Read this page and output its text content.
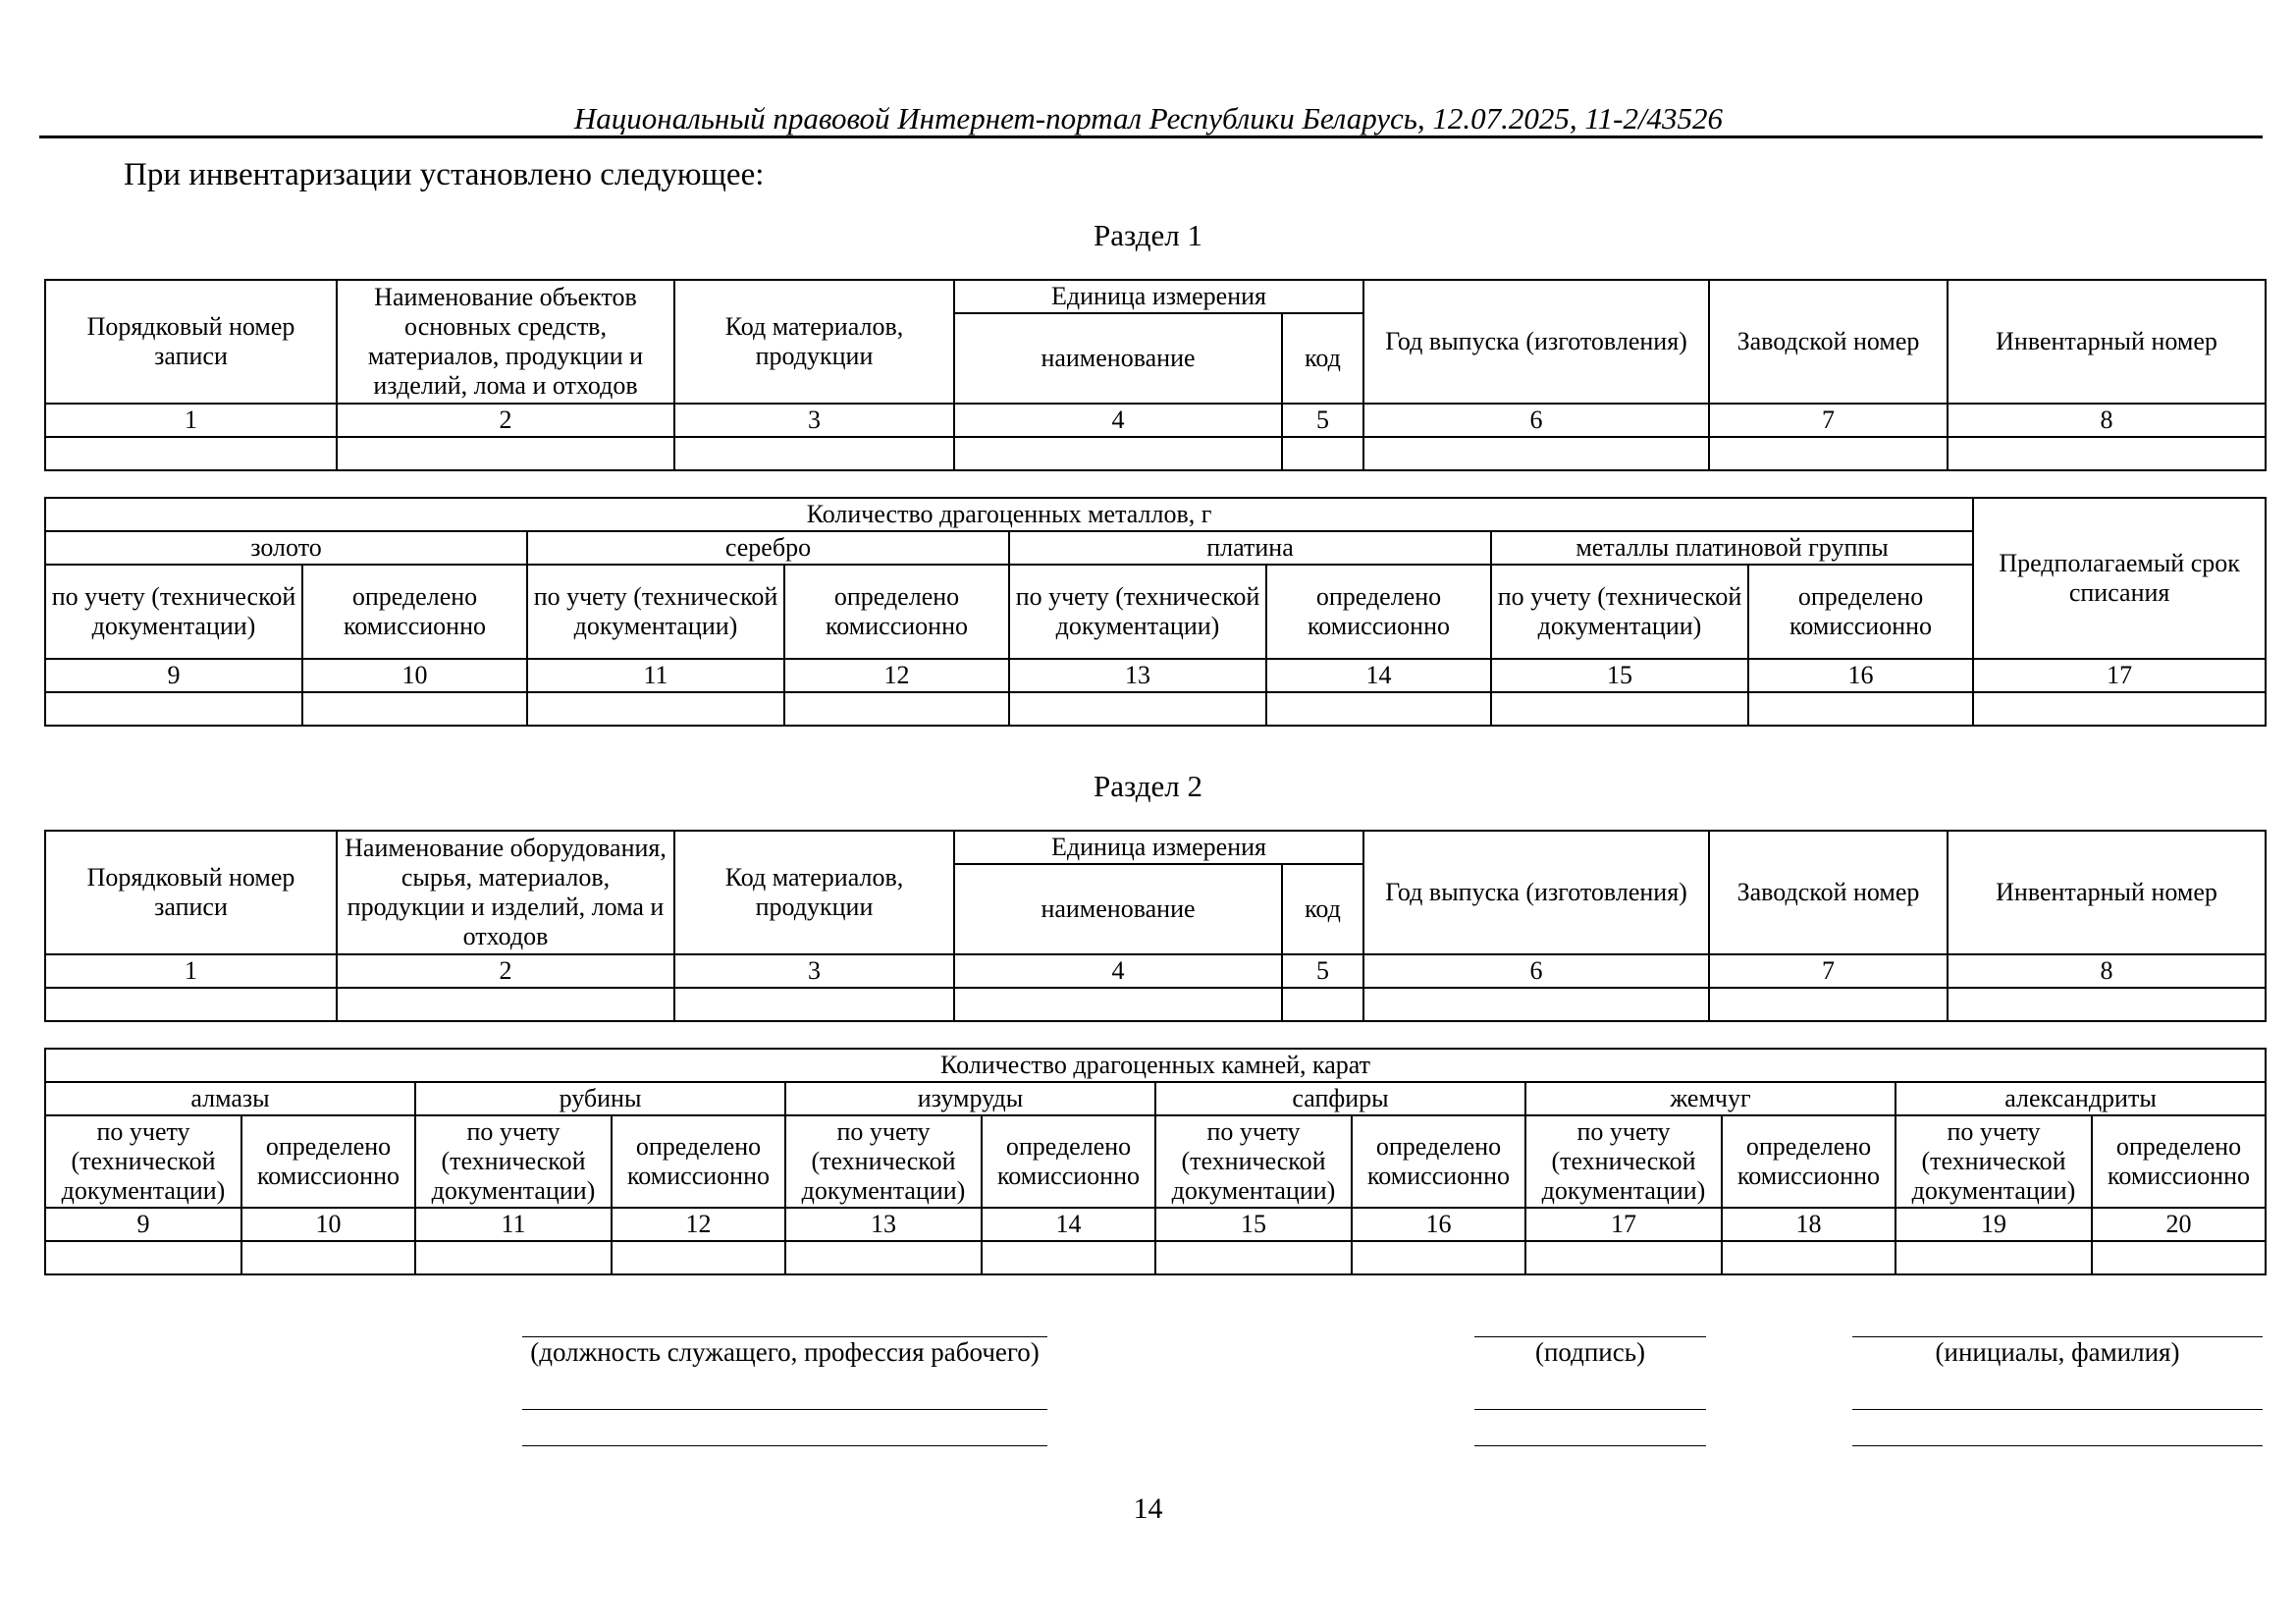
Национальный правовой Интернет-портал Республики Беларусь, 12.07.2025, 11-2/43526
При инвентаризации установлено следующее:
Раздел 1
Порядковый номер записи	Наименование объектов основных средств, материалов, продукции и изделий, лома и отходов	Код материалов, продукции	Единица измерения		Год выпуска (изготовления)	Заводской номер	Инвентарный номер
			наименование	код			
1	2	3	4	5	6	7	8

Количество драгоценных металлов, г								Предполагаемый срок списания
золото		серебро		платина		металлы платиновой группы		
по учету (технической документации)	определено комиссионно	по учету (технической документации)	определено комиссионно	по учету (технической документации)	определено комиссионно	по учету (технической документации)	определено комиссионно	
9	10	11	12	13	14	15	16	17

Раздел 2
Порядковый номер записи	Наименование оборудования, сырья, материалов, продукции и изделий, лома и отходов	Код материалов, продукции	Единица измерения		Год выпуска (изготовления)	Заводской номер	Инвентарный номер
			наименование	код			
1	2	3	4	5	6	7	8

Количество драгоценных камней, карат											
алмазы		рубины		изумруды		сапфиры		жемчуг		александриты	
по учету (технической документации)	определено комиссионно	по учету (технической документации)	определено комиссионно	по учету (технической документации)	определено комиссионно	по учету (технической документации)	определено комиссионно	по учету (технической документации)	определено комиссионно	по учету (технической документации)	определено комиссионно
9	10	11	12	13	14	15	16	17	18	19	20

(должность служащего, профессия рабочего)	(подпись)	(инициалы, фамилия)
14
